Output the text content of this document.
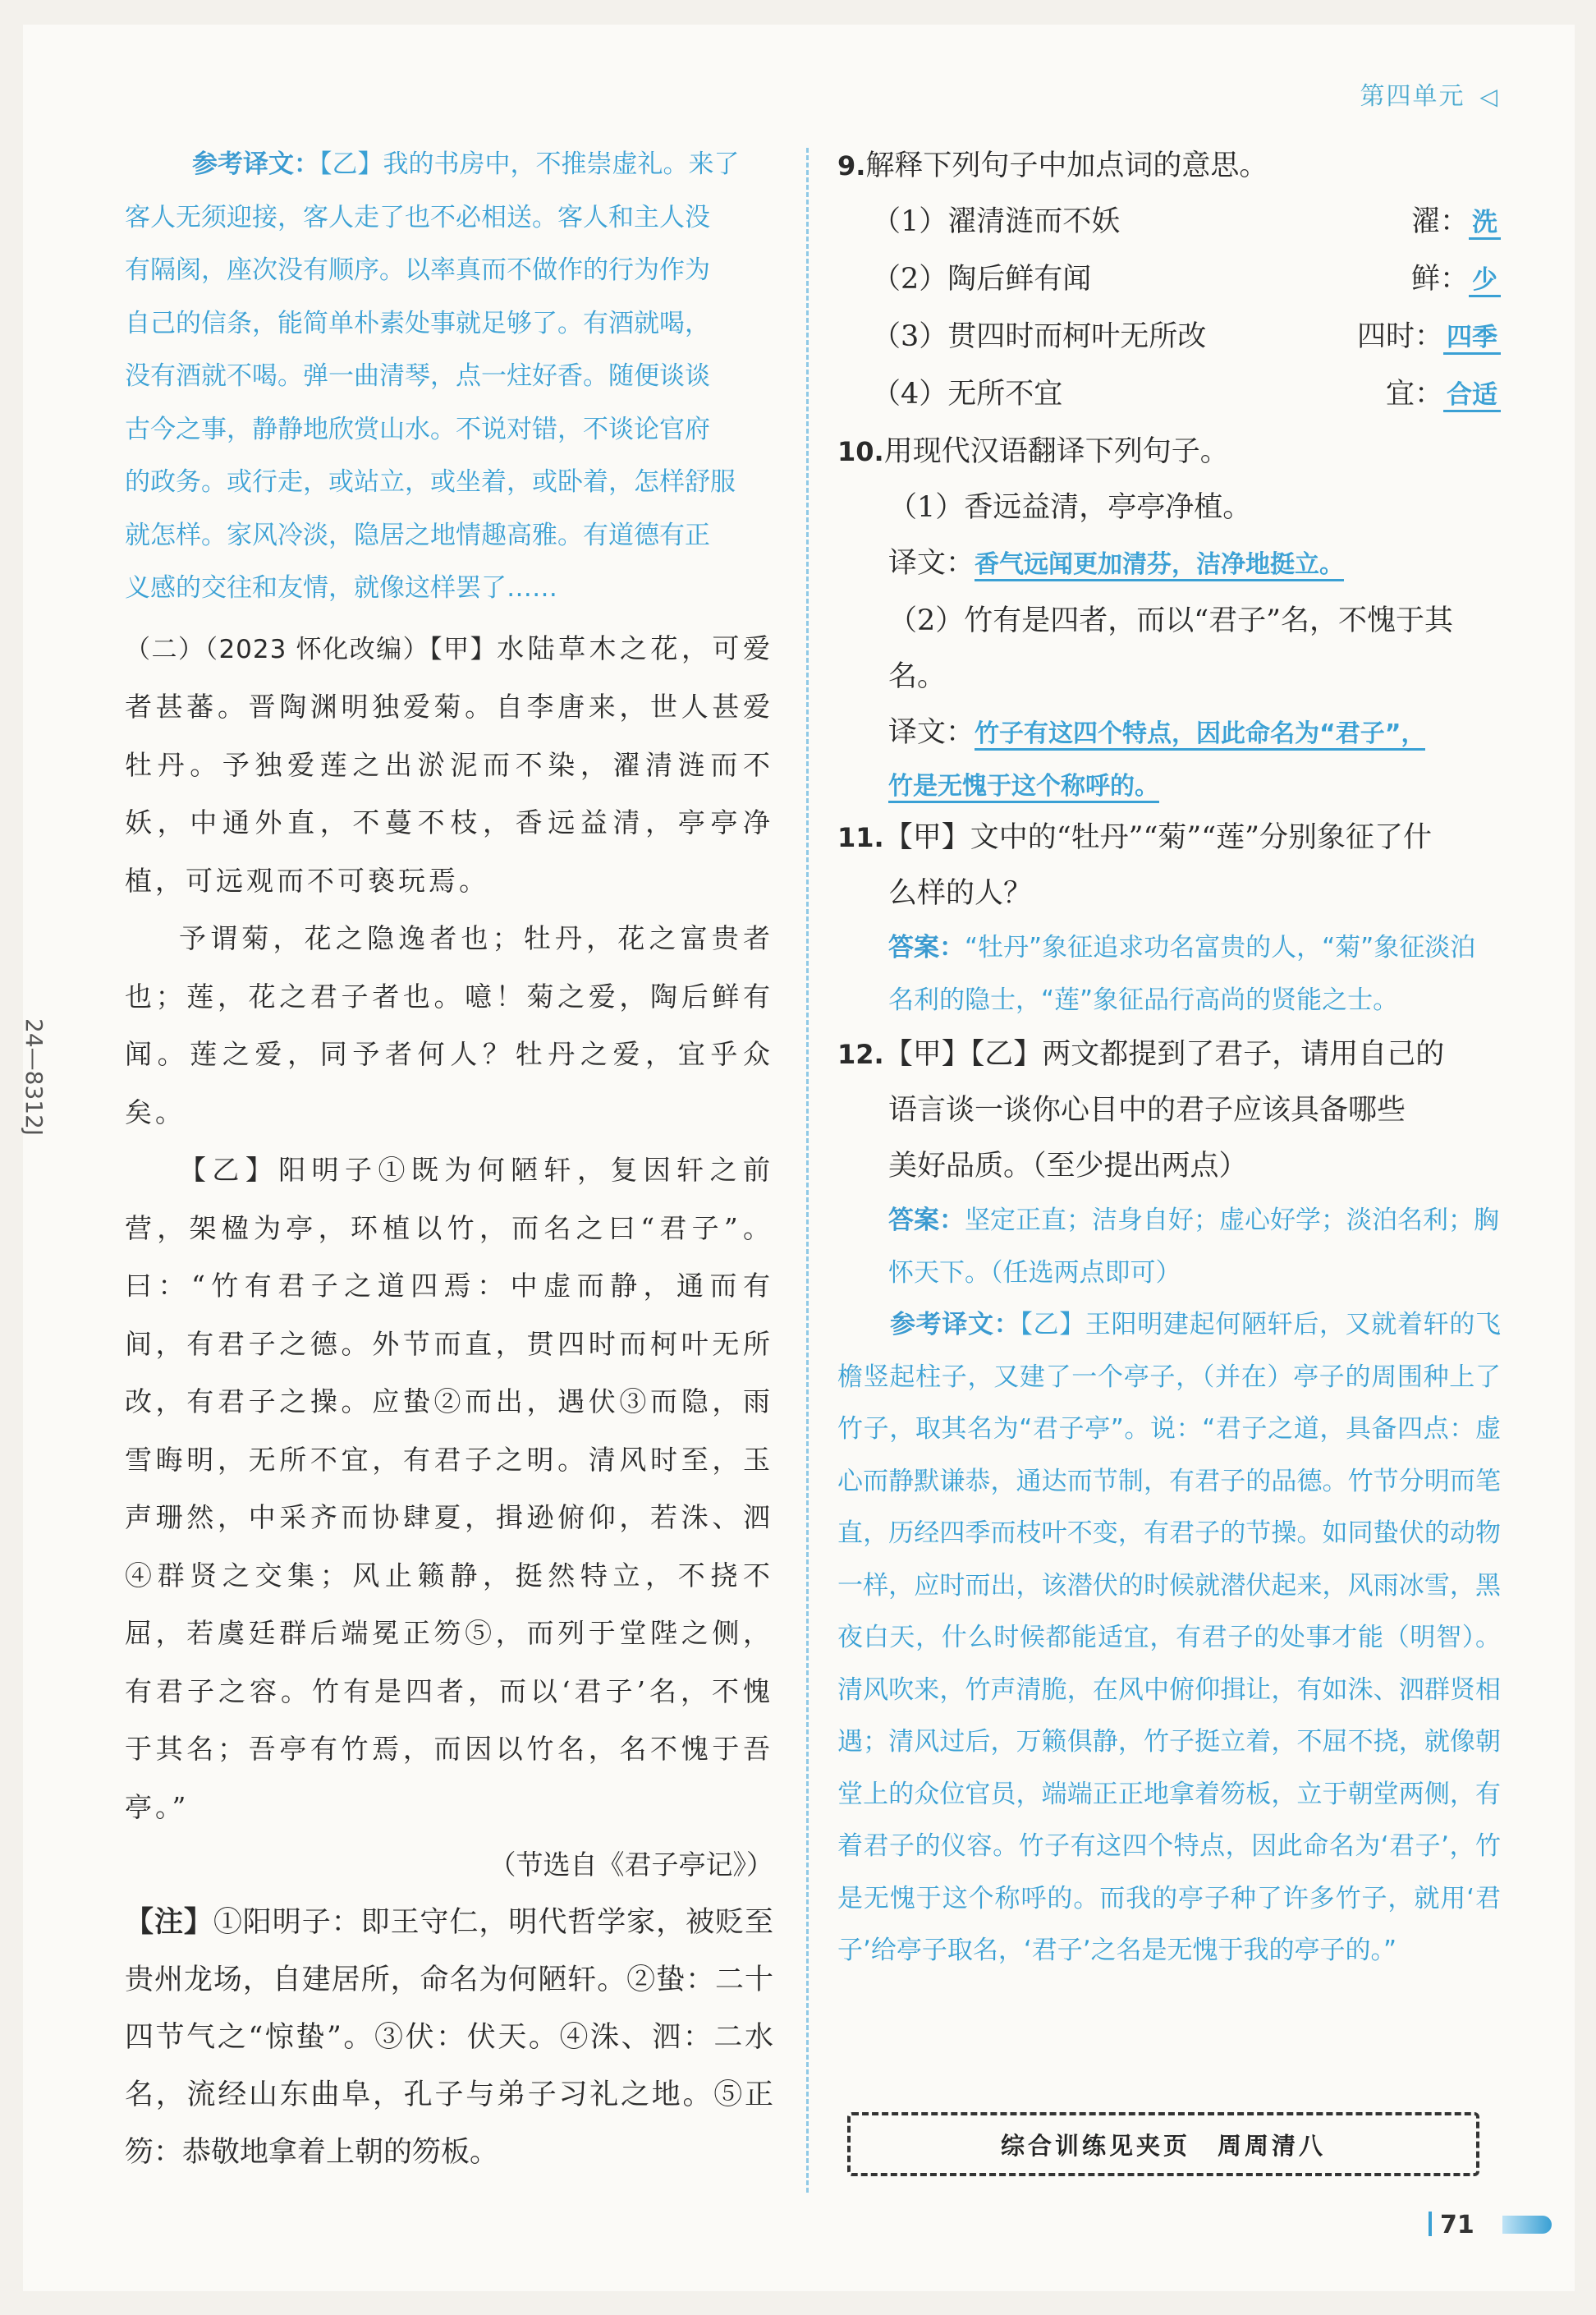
第四单元 ◁
24—8312J

参考译文：【乙】我的书房中，不推崇虚礼。来了

客人无须迎接，客人走了也不必相送。客人和主人没

有隔阂，座次没有顺序。以率真而不做作的行为作为

自己的信条，能简单朴素处事就足够了。有酒就喝，

没有酒就不喝。弹一曲清琴，点一炷好香。随便谈谈

古今之事，静静地欣赏山水。不说对错，不谈论官府

的政务。或行走，或站立，或坐着，或卧着，怎样舒服

就怎样。家风冷淡，隐居之地情趣高雅。有道德有正

义感的交往和友情，就像这样罢了……

（二）（2023 怀化改编）【甲】水陆草木之花，可爱者甚蕃。晋陶渊明独爱菊。自李唐来，世人甚爱牡丹。予独爱莲之出淤泥而不染，濯清涟而不妖，中通外直，不蔓不枝，香远益清，亭亭净植，可远观而不可亵玩焉。

予谓菊，花之隐逸者也；牡丹，花之富贵者也；莲，花之君子者也。噫！菊之爱，陶后鲜有闻。莲之爱，同予者何人？牡丹之爱，宜乎众矣。

【乙】阳明子①既为何陋轩，复因轩之前营，架楹为亭，环植以竹，而名之曰“君子”。曰：“竹有君子之道四焉：中虚而静，通而有间，有君子之德。外节而直，贯四时而柯叶无所改，有君子之操。应蛰②而出，遇伏③而隐，雨雪晦明，无所不宜，有君子之明。清风时至，玉声珊然，中采齐而协肆夏，揖逊俯仰，若洙、泗④群贤之交集；风止籁静，挺然特立，不挠不屈，若虞廷群后端冕正笏⑤，而列于堂陛之侧，有君子之容。竹有是四者，而以‘君子’名，不愧于其名；吾亭有竹焉，而因以竹名，名不愧于吾亭。”

（节选自《君子亭记》）

【注】①阳明子：即王守仁，明代哲学家，被贬至贵州龙场，自建居所，命名为何陋轩。②蛰：二十四节气之“惊蛰”。③伏：伏天。④洙、泗：二水名，流经山东曲阜，孔子与弟子习礼之地。⑤正笏：恭敬地拿着上朝的笏板。

9.解释下列句子中加点词的意思。

（1）濯清涟而不妖	濯： 洗
（2）陶后鲜有闻	鲜： 少
（3）贯四时而柯叶无所改	四时： 四季
（4）无所不宜	宜： 合适

10.用现代汉语翻译下列句子。

（1）香远益清，亭亭净植。

译文：香气远闻更加清芬，洁净地挺立。

（2）竹有是四者，而以“君子”名，不愧于其名。

译文：竹子有这四个特点，因此命名为“君子”，

竹是无愧于这个称呼的。

11.【甲】文中的“牡丹”“菊”“莲”分别象征了什

么样的人？

答案：“牡丹”象征追求功名富贵的人，“菊”象征淡泊名利的隐士，“莲”象征品行高尚的贤能之士。

12.【甲】【乙】两文都提到了君子，请用自己的

语言谈一谈你心目中的君子应该具备哪些

美好品质。（至少提出两点）

答案：坚定正直；洁身自好；虚心好学；淡泊名利；胸怀天下。（任选两点即可）

参考译文：【乙】王阳明建起何陋轩后，又就着轩的飞檐竖起柱子，又建了一个亭子，（并在）亭子的周围种上了竹子，取其名为“君子亭”。说：“君子之道，具备四点：虚心而静默谦恭，通达而节制，有君子的品德。竹节分明而笔直，历经四季而枝叶不变，有君子的节操。如同蛰伏的动物一样，应时而出，该潜伏的时候就潜伏起来，风雨冰雪，黑夜白天，什么时候都能适宜，有君子的处事才能（明智）。清风吹来，竹声清脆，在风中俯仰揖让，有如洙、泗群贤相遇；清风过后，万籁俱静，竹子挺立着，不屈不挠，就像朝堂上的众位官员，端端正正地拿着笏板，立于朝堂两侧，有着君子的仪容。竹子有这四个特点，因此命名为‘君子’，竹是无愧于这个称呼的。而我的亭子种了许多竹子，就用‘君子’给亭子取名，‘君子’之名是无愧于我的亭子的。”

综合训练见夹页　周周清八
71
